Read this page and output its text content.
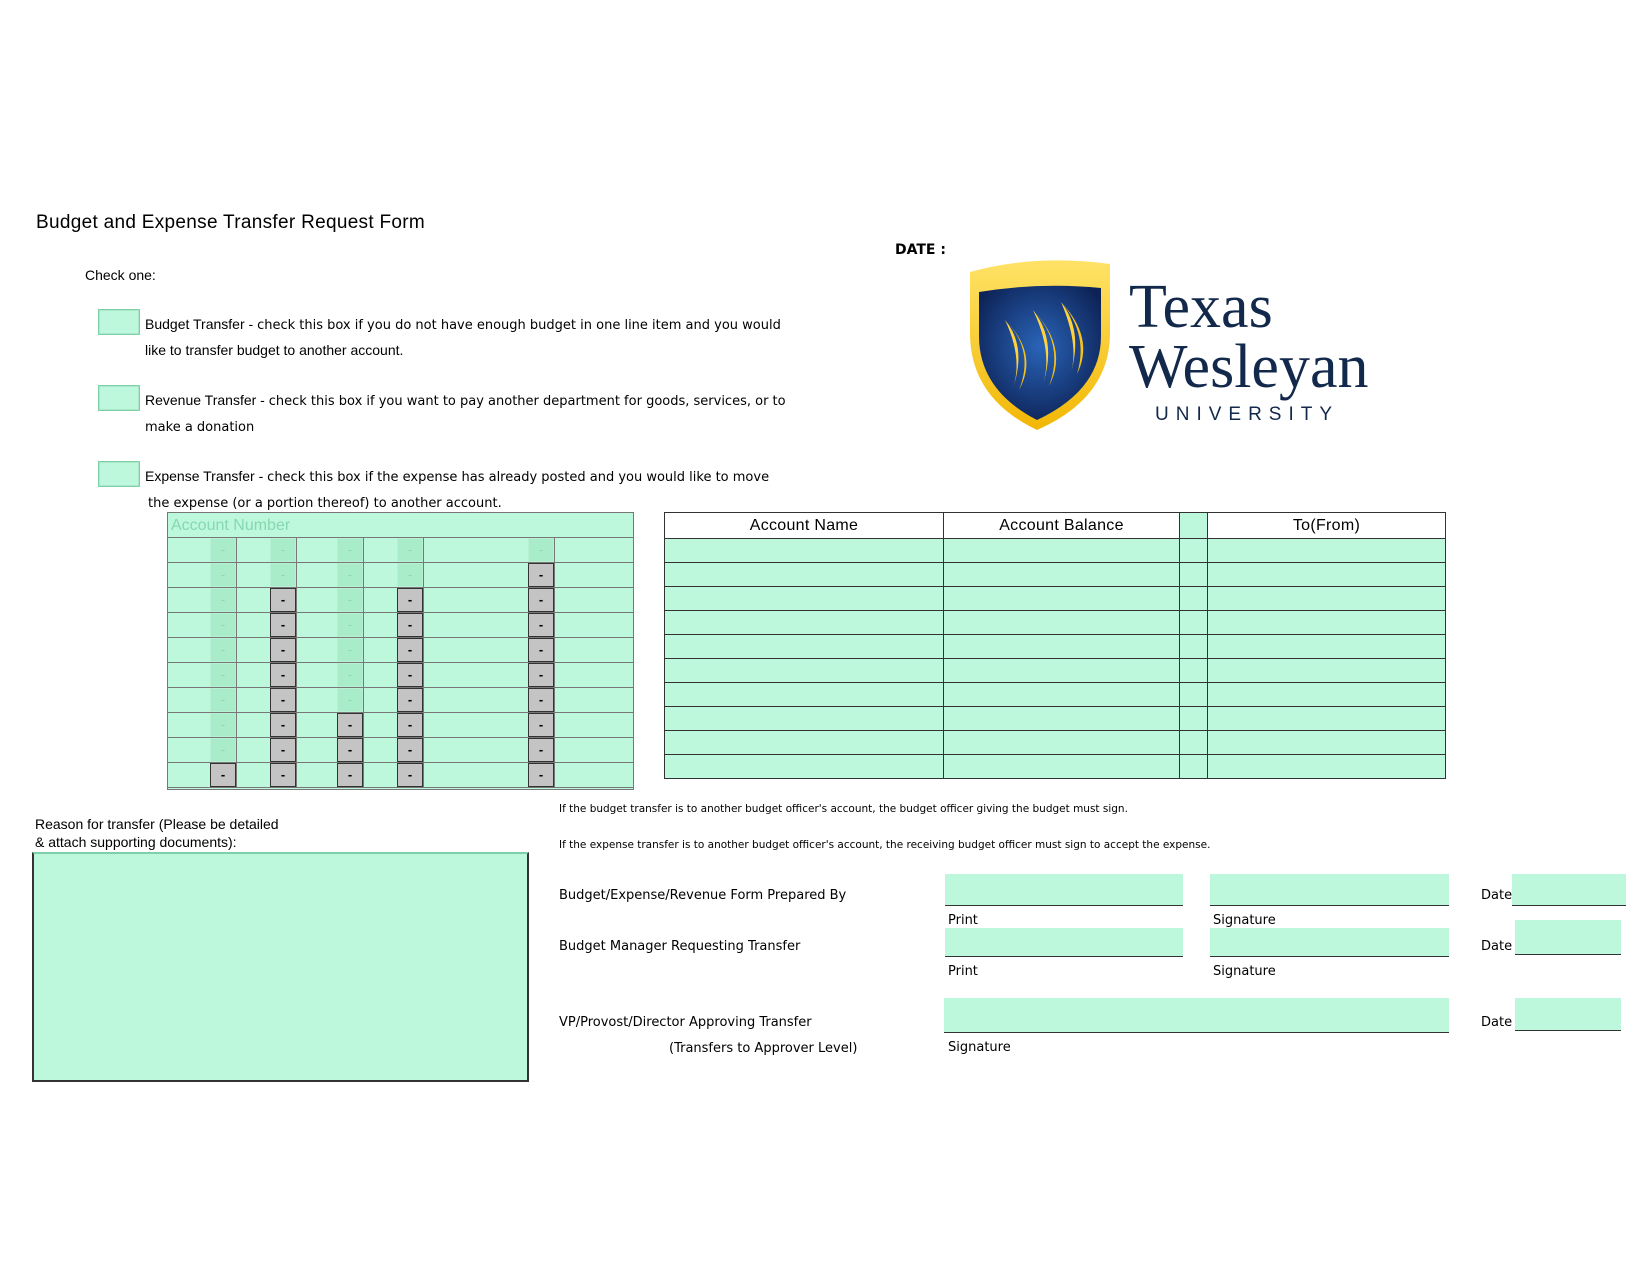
Budget and Expense Transfer Request Form
DATE :
Check one:
Budget Transfer - check this box if you do not have enough budget in one line item and you would
like to transfer budget to another account.
Revenue Transfer - check this box if you want to pay another department for goods, services, or to
make a donation
Expense Transfer - check this box if the expense has already posted and you would like to move
the expense (or a portion thereof) to another account.
Texas
Wesleyan
UNIVERSITY
Account Number
-	-	-	-	-
-	-	-	-	-
-	-	-	-	-
-	-	-	-	-
-	-	-	-	-
-	-	-	-	-
-	-	-	-	-
-	-	-	-	-
-	-	-	-	-
-	-	-	-	-
Account Name	Account Balance		To(From)

If the budget transfer is to another budget officer's account, the budget officer giving the budget must sign.
If the expense transfer is to another budget officer's account, the receiving budget officer must sign to accept the expense.
Reason for transfer (Please be detailed
& attach supporting documents):
Budget/Expense/Revenue Form Prepared By	Date
Print	Signature
Budget Manager Requesting Transfer	Date
Print	Signature
VP/Provost/Director Approving Transfer
(Transfers to Approver Level)
Date
Signature
